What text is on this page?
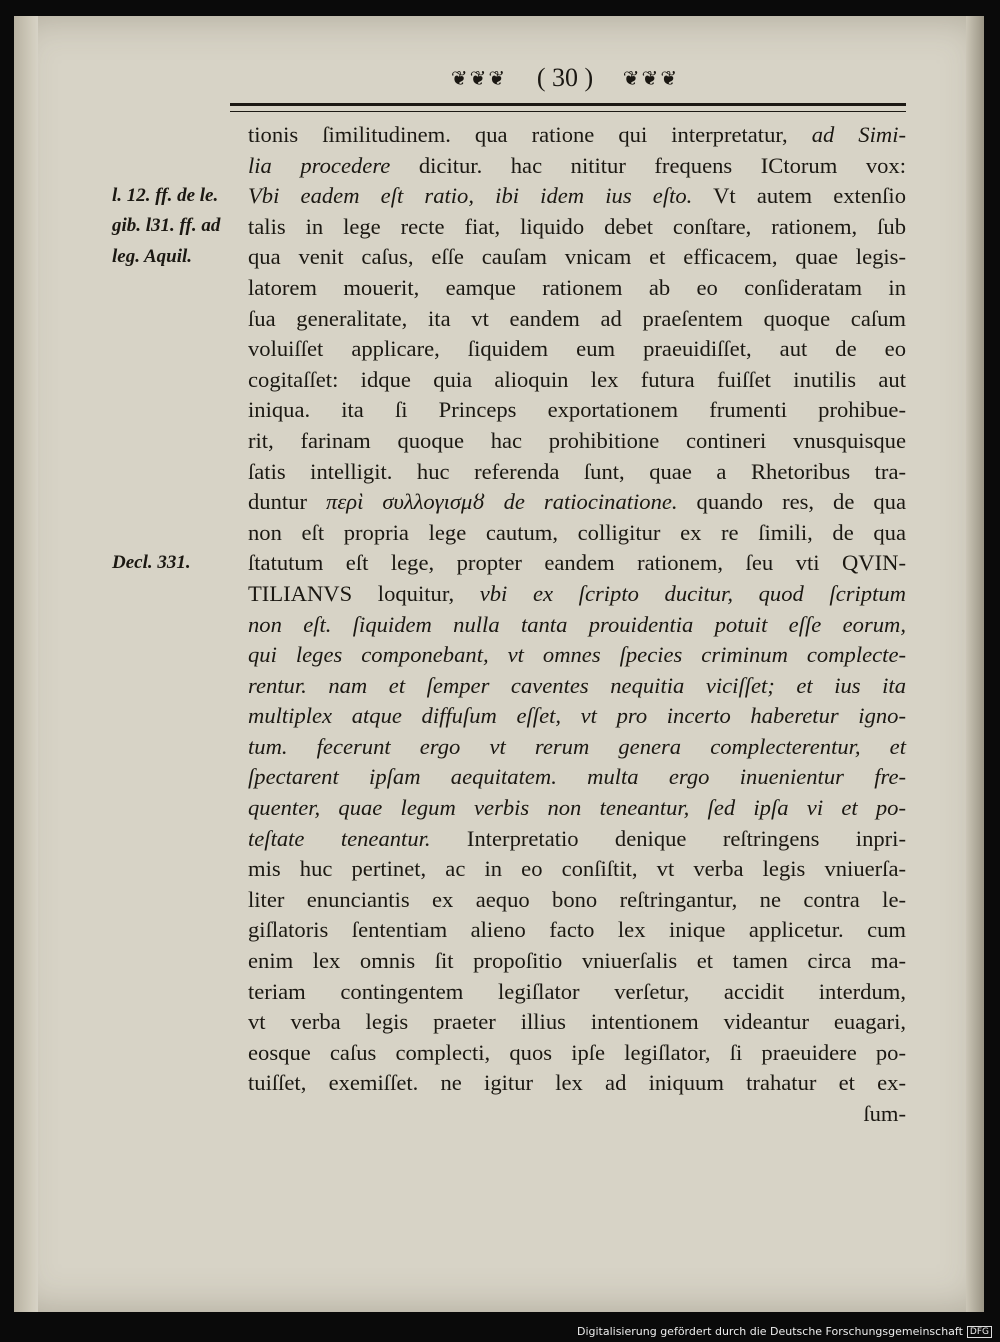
❦❦❦ ( 30 ) ❦❦❦
l. 12. ff. de le.
gib. l31. ff. ad
leg. Aquil.
Decl. 331.
tionis ſimilitudinem. qua ratione qui interpretatur, ad Simi-
lia procedere dicitur. hac nititur frequens ICtorum vox:
Vbi eadem eſt ratio, ibi idem ius eſto. Vt autem extenſio
talis in lege recte fiat, liquido debet conſtare, rationem, ſub
qua venit caſus, eſſe cauſam vnicam et efficacem, quae legis-
latorem mouerit, eamque rationem ab eo conſideratam in
ſua generalitate, ita vt eandem ad praeſentem quoque caſum
voluiſſet applicare, ſiquidem eum praeuidiſſet, aut de eo
cogitaſſet: idque quia alioquin lex futura fuiſſet inutilis aut
iniqua. ita ſi Princeps exportationem frumenti prohibue-
rit, farinam quoque hac prohibitione contineri vnusquisque
ſatis intelligit. huc referenda ſunt, quae a Rhetoribus tra-
duntur περὶ συλλογισμȣ de ratiocinatione. quando res, de qua
non eſt propria lege cautum, colligitur ex re ſimili, de qua
ſtatutum eſt lege, propter eandem rationem, ſeu vti QVIN-
TILIANVS loquitur, vbi ex ſcripto ducitur, quod ſcriptum
non eſt. ſiquidem nulla tanta prouidentia potuit eſſe eorum,
qui leges componebant, vt omnes ſpecies criminum complecte-
rentur. nam et ſemper caventes nequitia viciſſet; et ius ita
multiplex atque diffuſum eſſet, vt pro incerto haberetur igno-
tum. fecerunt ergo vt rerum genera complecterentur, et
ſpectarent ipſam aequitatem. multa ergo inuenientur fre-
quenter, quae legum verbis non teneantur, ſed ipſa vi et po-
teſtate teneantur. Interpretatio denique reſtringens inpri-
mis huc pertinet, ac in eo conſiſtit, vt verba legis vniuerſa-
liter enunciantis ex aequo bono reſtringantur, ne contra le-
giſlatoris ſententiam alieno facto lex inique applicetur. cum
enim lex omnis ſit propoſitio vniuerſalis et tamen circa ma-
teriam contingentem legiſlator verſetur, accidit interdum,
vt verba legis praeter illius intentionem videantur euagari,
eosque caſus complecti, quos ipſe legiſlator, ſi praeuidere po-
tuiſſet, exemiſſet. ne igitur lex ad iniquum trahatur et ex-
ſum-
Digitalisierung gefördert durch die Deutsche Forschungsgemeinschaft DFG
